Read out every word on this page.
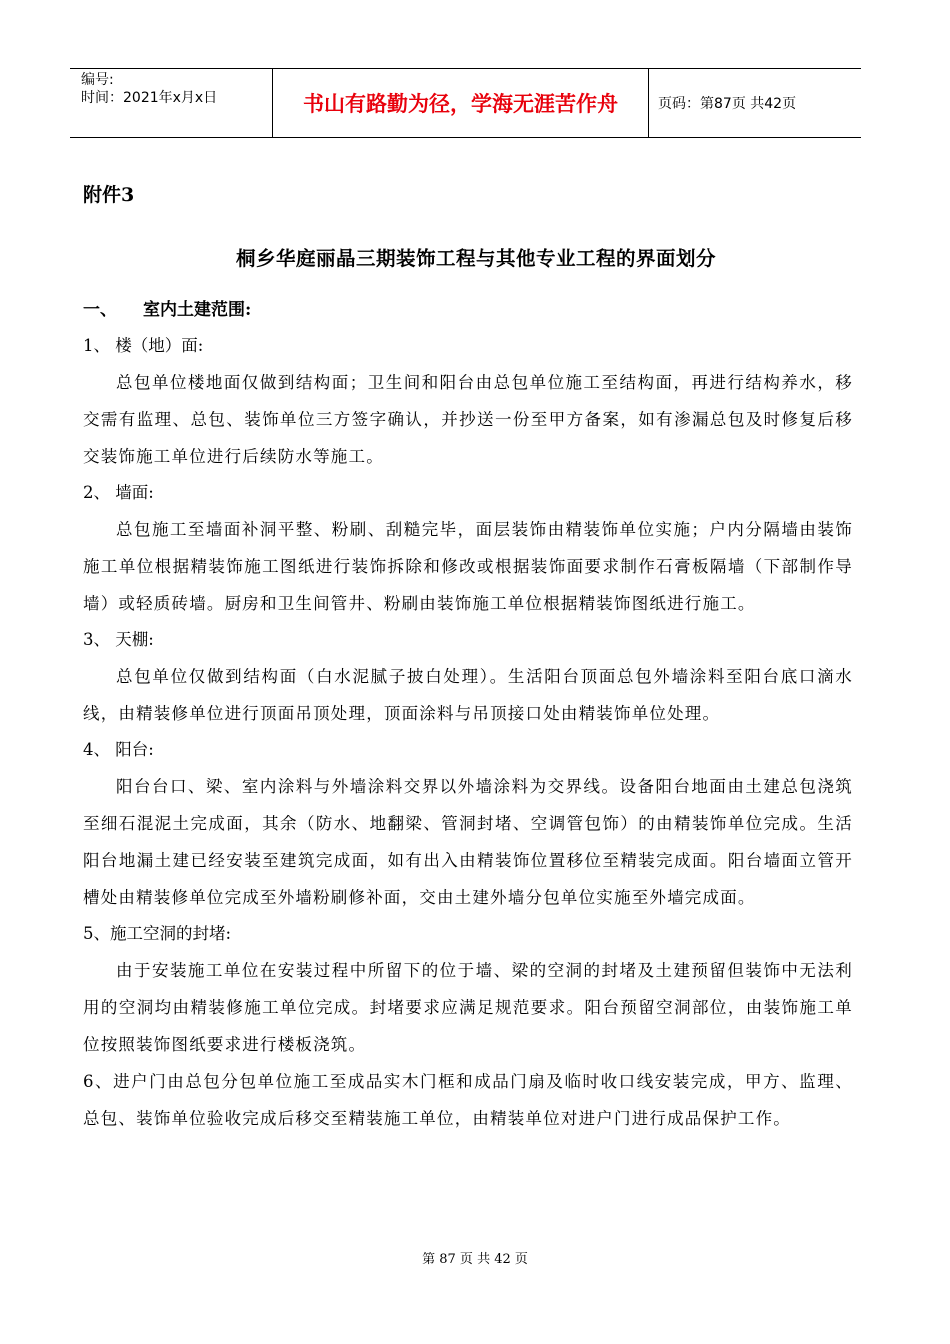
编号:
时间：2021年x月x日	书山有路勤为径，学海无涯苦作舟	页码：第87页 共42页
附件3
桐乡华庭丽晶三期装饰工程与其他专业工程的界面划分
一、 室内土建范围:
1、 楼（地）面:
总包单位楼地面仅做到结构面；卫生间和阳台由总包单位施工至结构面，再进行结构养水，移交需有监理、总包、装饰单位三方签字确认，并抄送一份至甲方备案，如有渗漏总包及时修复后移交装饰施工单位进行后续防水等施工。
2、 墙面:
总包施工至墙面补洞平整、粉刷、刮糙完毕，面层装饰由精装饰单位实施；户内分隔墙由装饰施工单位根据精装饰施工图纸进行装饰拆除和修改或根据装饰面要求制作石膏板隔墙（下部制作导墙）或轻质砖墙。厨房和卫生间管井、粉刷由装饰施工单位根据精装饰图纸进行施工。
3、 天棚:
总包单位仅做到结构面（白水泥腻子披白处理）。生活阳台顶面总包外墙涂料至阳台底口滴水线，由精装修单位进行顶面吊顶处理，顶面涂料与吊顶接口处由精装饰单位处理。
4、 阳台:
阳台台口、梁、室内涂料与外墙涂料交界以外墙涂料为交界线。设备阳台地面由土建总包浇筑至细石混泥土完成面，其余（防水、地翻梁、管洞封堵、空调管包饰）的由精装饰单位完成。生活阳台地漏土建已经安装至建筑完成面，如有出入由精装饰位置移位至精装完成面。阳台墙面立管开槽处由精装修单位完成至外墙粉刷修补面，交由土建外墙分包单位实施至外墙完成面。
5、施工空洞的封堵:
由于安装施工单位在安装过程中所留下的位于墙、梁的空洞的封堵及土建预留但装饰中无法利用的空洞均由精装修施工单位完成。封堵要求应满足规范要求。阳台预留空洞部位，由装饰施工单位按照装饰图纸要求进行楼板浇筑。
6、进户门由总包分包单位施工至成品实木门框和成品门扇及临时收口线安装完成，甲方、监理、总包、装饰单位验收完成后移交至精装施工单位，由精装单位对进户门进行成品保护工作。
第 87 页 共 42 页
